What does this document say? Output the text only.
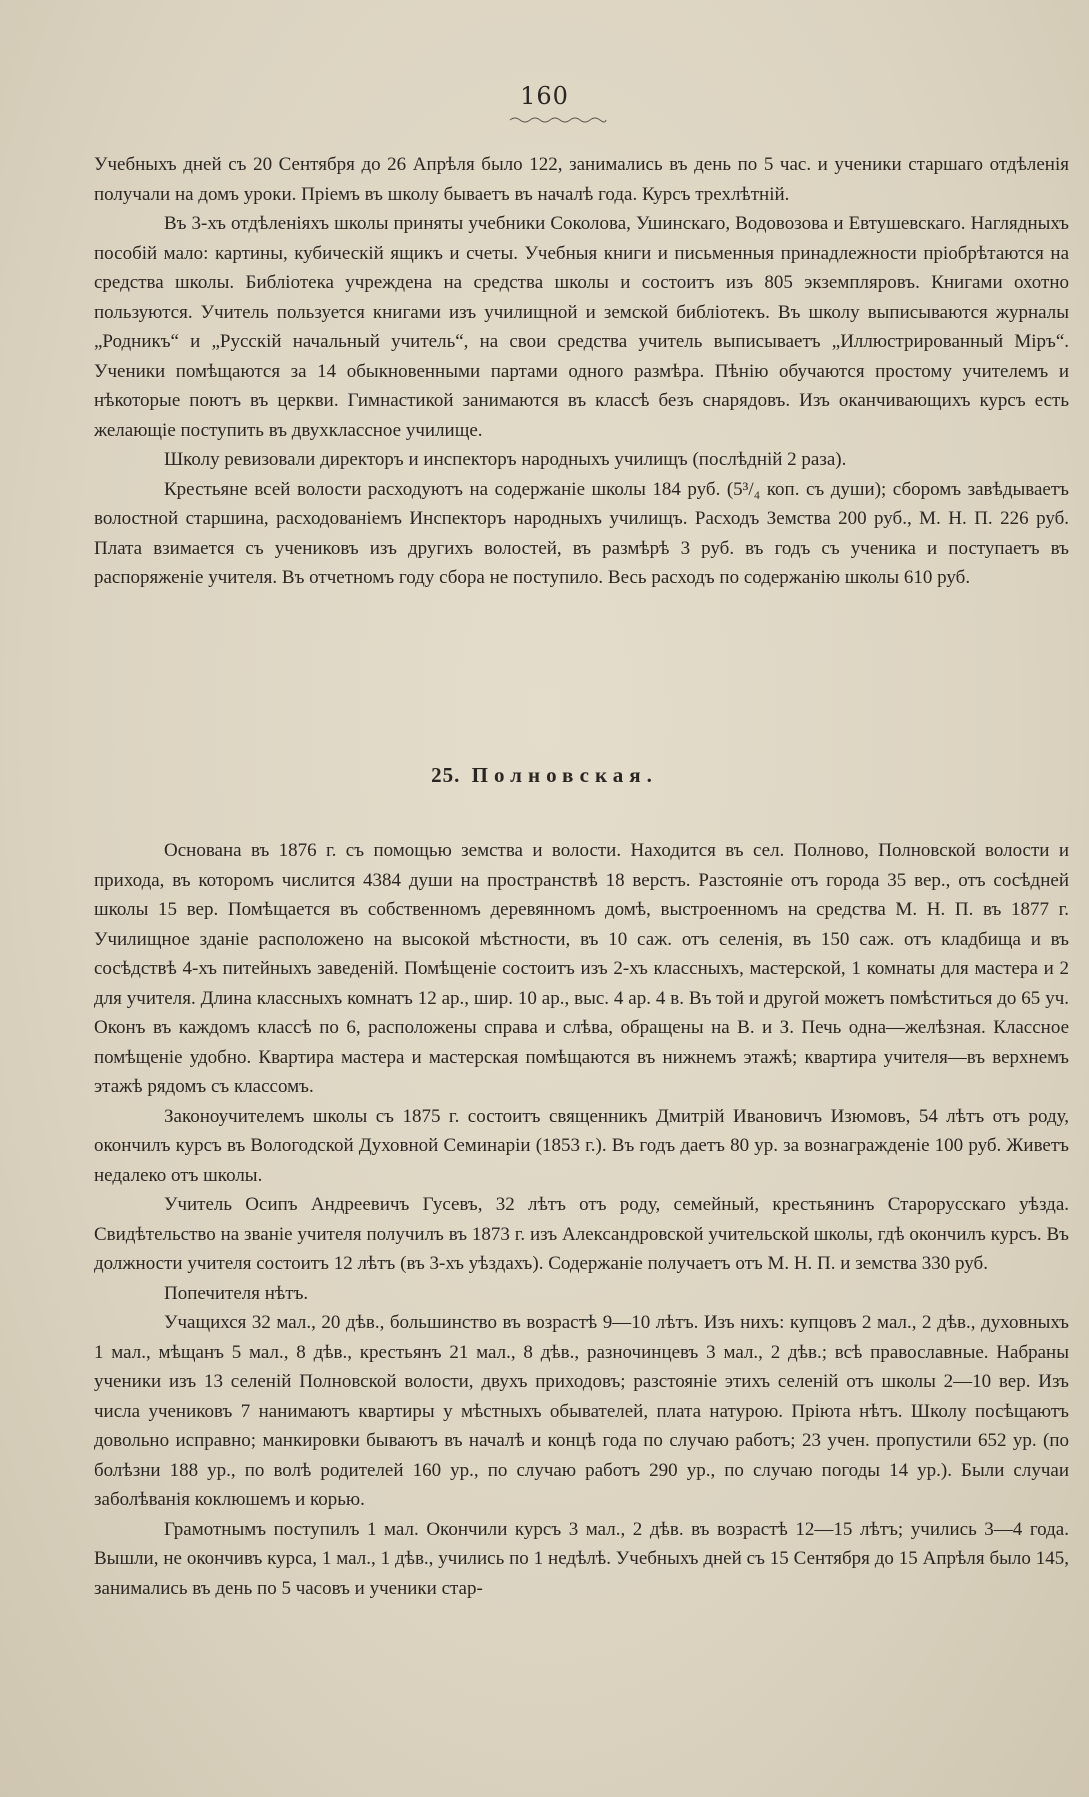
160

Учебныхъ дней съ 20 Сентября до 26 Апрѣля было 122, занимались въ день по 5 час. и ученики старшаго отдѣленія получали на домъ уроки. Пріемъ въ школу бываетъ въ началѣ года. Курсъ трехлѣтній.

Въ 3-хъ отдѣленіяхъ школы приняты учебники Соколова, Ушинскаго, Водовозова и Евтушевскаго. Наглядныхъ пособій мало: картины, кубическій ящикъ и счеты. Учебныя книги и письменныя принадлежности пріобрѣтаются на средства школы. Библіотека учреждена на средства школы и состоитъ изъ 805 экземпляровъ. Книгами охотно пользуются. Учитель пользуется книгами изъ училищной и земской библіотекъ. Въ школу выписываются журналы „Родникъ“ и „Русскій начальный учитель“, на свои средства учитель выписываетъ „Иллюстрированный Міръ“. Ученики помѣщаются за 14 обыкновенными партами одного размѣра. Пѣнію обучаются простому учителемъ и нѣкоторые поютъ въ церкви. Гимнастикой занимаются въ классѣ безъ снарядовъ. Изъ оканчивающихъ курсъ есть желающіе поступить въ двухклассное училище.

Школу ревизовали директоръ и инспекторъ народныхъ училищъ (послѣдній 2 раза).

Крестьяне всей волости расходуютъ на содержаніе школы 184 руб. (5³/₄ коп. съ души); сборомъ завѣдываетъ волостной старшина, расходованіемъ Инспекторъ народныхъ училищъ. Расходъ Земства 200 руб., М. Н. П. 226 руб. Плата взимается съ учениковъ изъ другихъ волостей, въ размѣрѣ 3 руб. въ годъ съ ученика и поступаетъ въ распоряженіе учителя. Въ отчетномъ году сбора не поступило. Весь расходъ по содержанію школы 610 руб.

25. Полновская.

Основана въ 1876 г. съ помощью земства и волости. Находится въ сел. Полново, Полновской волости и прихода, въ которомъ числится 4384 души на пространствѣ 18 верстъ. Разстояніе отъ города 35 вер., отъ сосѣдней школы 15 вер. Помѣщается въ собственномъ деревянномъ домѣ, выстроенномъ на средства М. Н. П. въ 1877 г. Училищное зданіе расположено на высокой мѣстности, въ 10 саж. отъ селенія, въ 150 саж. отъ кладбища и въ сосѣдствѣ 4-хъ питейныхъ заведеній. Помѣщеніе состоитъ изъ 2-хъ классныхъ, мастерской, 1 комнаты для мастера и 2 для учителя. Длина классныхъ комнатъ 12 ар., шир. 10 ар., выс. 4 ар. 4 в. Въ той и другой можетъ помѣститься до 65 уч. Оконъ въ каждомъ классѣ по 6, расположены справа и слѣва, обращены на В. и З. Печь одна—желѣзная. Классное помѣщеніе удобно. Квартира мастера и мастерская помѣщаются въ нижнемъ этажѣ; квартира учителя—въ верхнемъ этажѣ рядомъ съ классомъ.

Законоучителемъ школы съ 1875 г. состоитъ священникъ Дмитрій Ивановичъ Изюмовъ, 54 лѣтъ отъ роду, окончилъ курсъ въ Вологодской Духовной Семинаріи (1853 г.). Въ годъ даетъ 80 ур. за вознагражденіе 100 руб. Живетъ недалеко отъ школы.

Учитель Осипъ Андреевичъ Гусевъ, 32 лѣтъ отъ роду, семейный, крестьянинъ Старорусскаго уѣзда. Свидѣтельство на званіе учителя получилъ въ 1873 г. изъ Александровской учительской школы, гдѣ окончилъ курсъ. Въ должности учителя состоитъ 12 лѣтъ (въ 3-хъ уѣздахъ). Содержаніе получаетъ отъ М. Н. П. и земства 330 руб.

Попечителя нѣтъ.

Учащихся 32 мал., 20 дѣв., большинство въ возрастѣ 9—10 лѣтъ. Изъ нихъ: купцовъ 2 мал., 2 дѣв., духовныхъ 1 мал., мѣщанъ 5 мал., 8 дѣв., крестьянъ 21 мал., 8 дѣв., разночинцевъ 3 мал., 2 дѣв.; всѣ православные. Набраны ученики изъ 13 селеній Полновской волости, двухъ приходовъ; разстояніе этихъ селеній отъ школы 2—10 вер. Изъ числа учениковъ 7 нанимаютъ квартиры у мѣстныхъ обывателей, плата натурою. Пріюта нѣтъ. Школу посѣщаютъ довольно исправно; манкировки бываютъ въ началѣ и концѣ года по случаю работъ; 23 учен. пропустили 652 ур. (по болѣзни 188 ур., по волѣ родителей 160 ур., по случаю работъ 290 ур., по случаю погоды 14 ур.). Были случаи заболѣванія коклюшемъ и корью.

Грамотнымъ поступилъ 1 мал. Окончили курсъ 3 мал., 2 дѣв. въ возрастѣ 12—15 лѣтъ; учились 3—4 года. Вышли, не окончивъ курса, 1 мал., 1 дѣв., учились по 1 недѣлѣ. Учебныхъ дней съ 15 Сентября до 15 Апрѣля было 145, занимались въ день по 5 часовъ и ученики стар-
